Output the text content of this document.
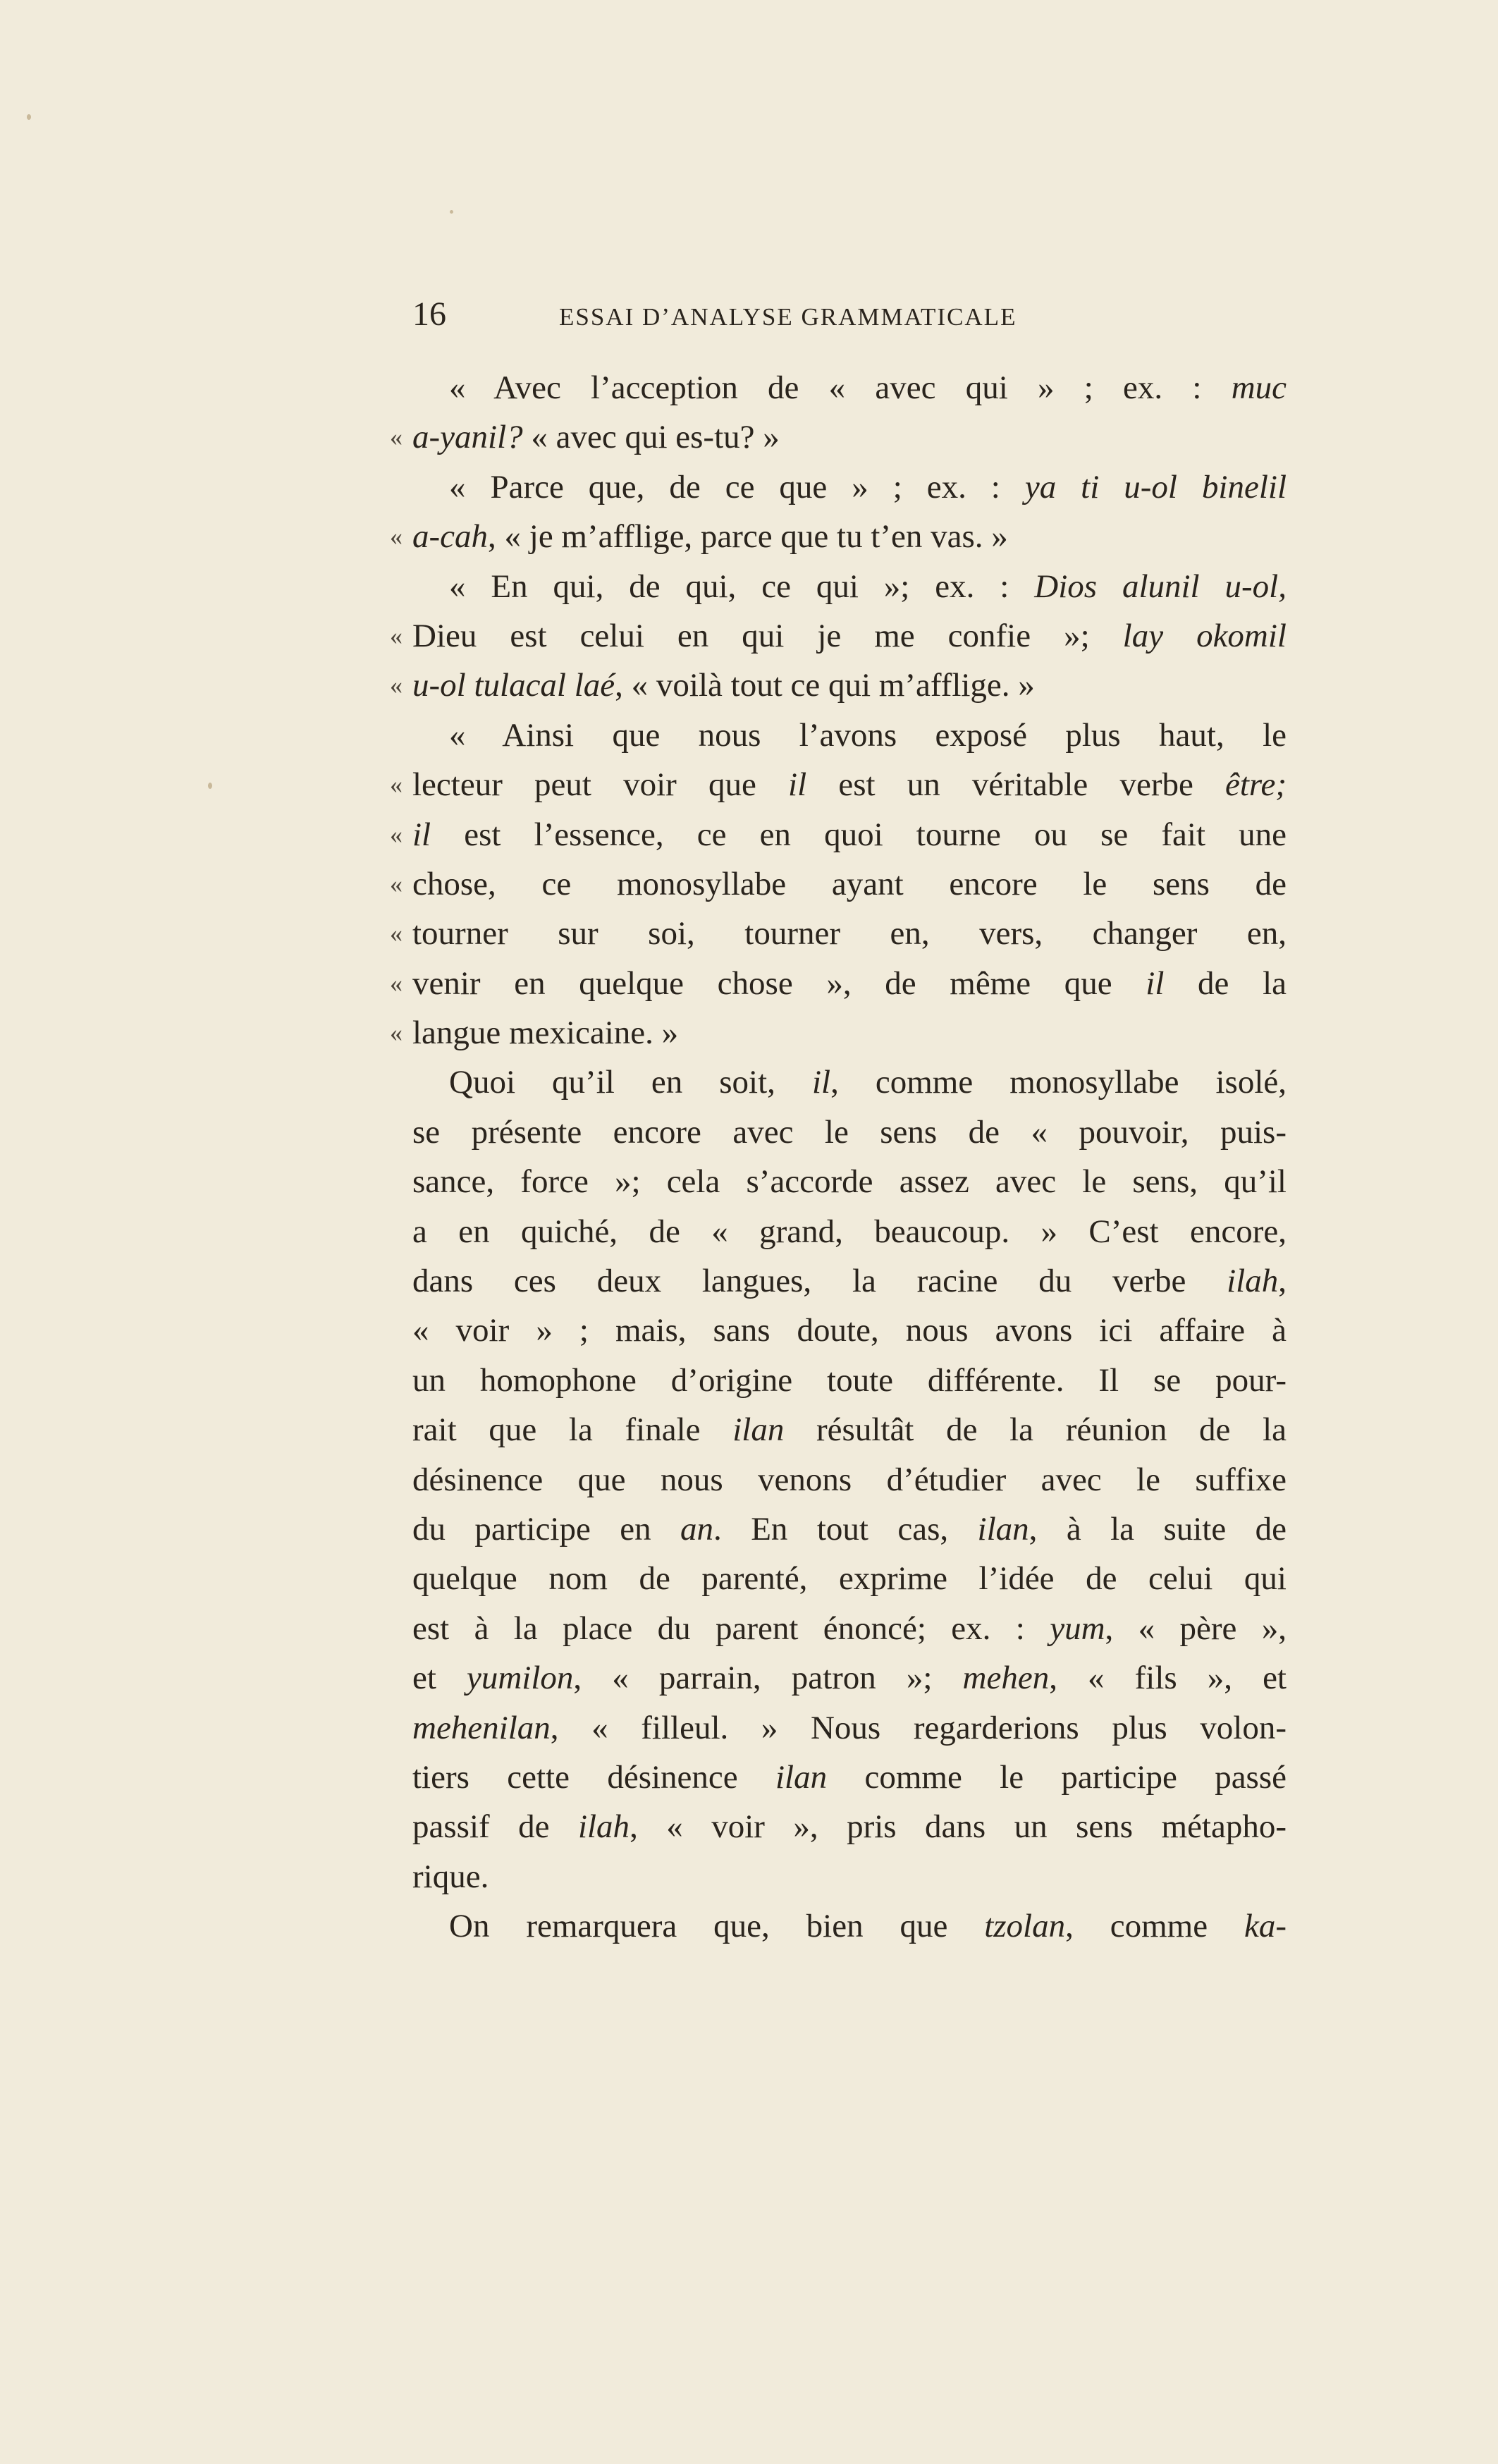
16	ESSAI D’ANALYSE GRAMMATICALE
« Avec l’acception de « avec qui » ; ex. : muc
« a-yanil? « avec qui es-tu? »
« Parce que, de ce que » ; ex. : ya ti u-ol binelil
« a-cah, « je m’afflige, parce que tu t’en vas. »
« En qui, de qui, ce qui »; ex. : Dios alunil u-ol,
« Dieu est celui en qui je me confie »; lay okomil
« u-ol tulacal laé, « voilà tout ce qui m’afflige. »
« Ainsi que nous l’avons exposé plus haut, le
« lecteur peut voir que il est un véritable verbe être;
« il est l’essence, ce en quoi tourne ou se fait une
« chose, ce monosyllabe ayant encore le sens de
« tourner sur soi, tourner en, vers, changer en,
« venir en quelque chose », de même que il de la
« langue mexicaine. »
Quoi qu’il en soit, il, comme monosyllabe isolé,
se présente encore avec le sens de « pouvoir, puis-
sance, force »; cela s’accorde assez avec le sens, qu’il
a en quiché, de « grand, beaucoup. » C’est encore,
dans ces deux langues, la racine du verbe ilah,
« voir » ; mais, sans doute, nous avons ici affaire à
un homophone d’origine toute différente. Il se pour-
rait que la finale ilan résultât de la réunion de la
désinence que nous venons d’étudier avec le suffixe
du participe en an. En tout cas, ilan, à la suite de
quelque nom de parenté, exprime l’idée de celui qui
est à la place du parent énoncé; ex. : yum, « père »,
et yumilon, « parrain, patron »; mehen, « fils », et
mehenilan, « filleul. » Nous regarderions plus volon-
tiers cette désinence ilan comme le participe passé
passif de ilah, « voir », pris dans un sens métapho-
rique.
On remarquera que, bien que tzolan, comme ka-
